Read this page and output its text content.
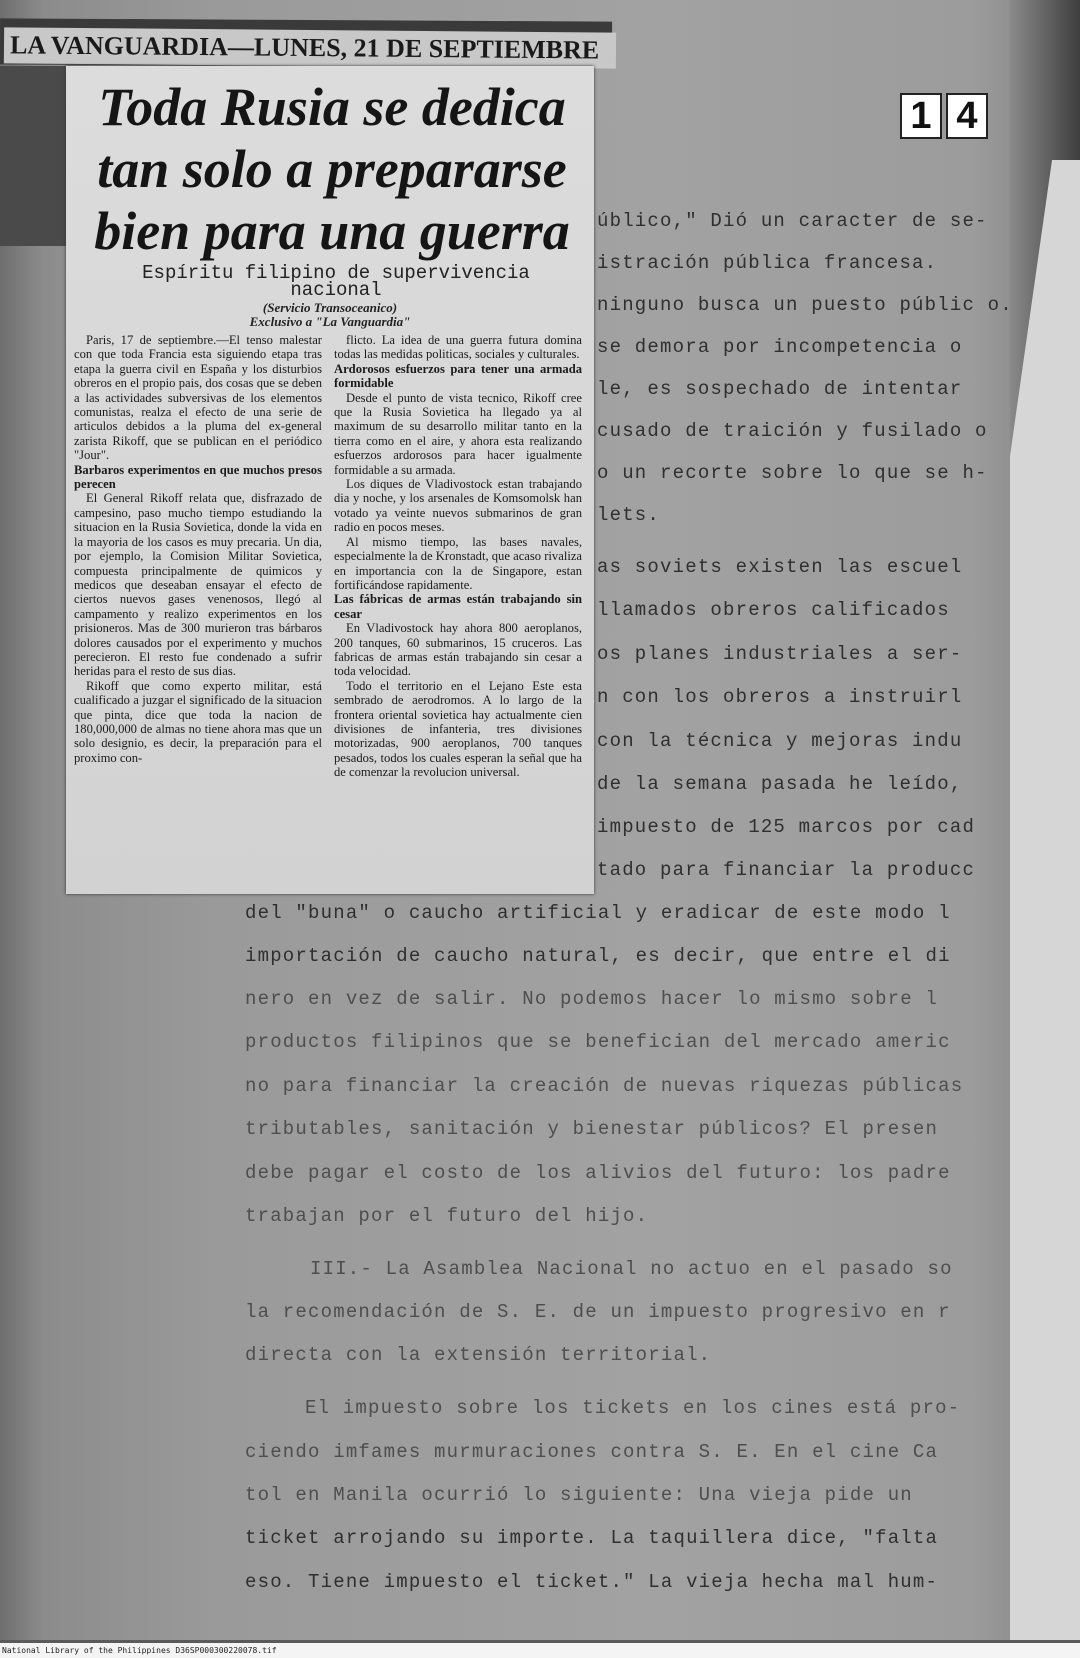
úblico," Dió un caracter de se-
istración pública francesa.
ninguno busca un puesto públic o.
se demora por incompetencia o
le, es sospechado de intentar
cusado de traición y fusilado o
o un recorte sobre lo que se h-
lets.
as soviets existen las escuel
llamados obreros calificados
os planes industriales a ser-
n con los obreros a instruirl
con la técnica y mejoras indu
de la semana pasada he leído,
impuesto de 125 marcos por cad
tado para financiar la producc
del "buna" o caucho artificial y eradicar de este modo l
importación de caucho natural, es decir, que entre el di
nero en vez de salir. No podemos hacer lo mismo sobre l
productos filipinos que se benefician del mercado americ
no para financiar la creación de nuevas riquezas públicas
tributables, sanitación y bienestar públicos? El presen
debe pagar el costo de los alivios del futuro: los padre
trabajan por el futuro del hijo.
III.- La Asamblea Nacional no actuo en el pasado so
la recomendación de S. E. de un impuesto progresivo en r
directa con la extensión territorial.
El impuesto sobre los tickets en los cines está pro-
ciendo imfames murmuraciones contra S. E. En el cine Ca
tol en Manila ocurrió lo siguiente: Una vieja pide un
ticket arrojando su importe. La taquillera dice, "falta
eso. Tiene impuesto el ticket." La vieja hecha mal hum-
1 4
LA VANGUARDIA—LUNES, 21 DE SEPTIEMBRE
Toda Rusia se dedica tan solo a prepararse bien para una guerra
Espíritu filipino de supervivencia nacional
(Servicio Transoceanico)
Exclusivo a "La Vanguardia"

Paris, 17 de septiembre.—El tenso malestar con que toda Francia esta siguiendo etapa tras etapa la guerra civil en España y los disturbios obreros en el propio pais, dos cosas que se deben a las actividades subversivas de los elementos comunistas, realza el efecto de una serie de articulos debidos a la pluma del ex-general zarista Rikoff, que se publican en el periódico "Jour".

Barbaros experimentos en que muchos presos perecen

El General Rikoff relata que, disfrazado de campesino, paso mucho tiempo estudiando la situacion en la Rusia Sovietica, donde la vida en la mayoria de los casos es muy precaria. Un dia, por ejemplo, la Comision Militar Sovietica, compuesta principalmente de quimicos y medicos que deseaban ensayar el efecto de ciertos nuevos gases venenosos, llegó al campamento y realizo experimentos en los prisioneros. Mas de 300 murieron tras bárbaros dolores causados por el experimento y muchos perecieron. El resto fue condenado a sufrir heridas para el resto de sus dias.

Rikoff que como experto militar, está cualificado a juzgar el significado de la situacion que pinta, dice que toda la nacion de 180,000,000 de almas no tiene ahora mas que un solo designio, es decir, la preparación para el proximo con-

flicto. La idea de una guerra futura domina todas las medidas politicas, sociales y culturales.

Ardorosos esfuerzos para tener una armada formidable

Desde el punto de vista tecnico, Rikoff cree que la Rusia Sovietica ha llegado ya al maximum de su desarrollo militar tanto en la tierra como en el aire, y ahora esta realizando esfuerzos ardorosos para hacer igualmente formidable a su armada.

Los diques de Vladivostock estan trabajando dia y noche, y los arsenales de Komsomolsk han votado ya veinte nuevos submarinos de gran radio en pocos meses.

Al mismo tiempo, las bases navales, especialmente la de Kronstadt, que acaso rivaliza en importancia con la de Singapore, estan fortificándose rapidamente.

Las fábricas de armas están trabajando sin cesar

En Vladivostock hay ahora 800 aeroplanos, 200 tanques, 60 submarinos, 15 cruceros. Las fabricas de armas están trabajando sin cesar a toda velocidad.

Todo el territorio en el Lejano Este esta sembrado de aerodromos. A lo largo de la frontera oriental sovietica hay actualmente cien divisiones de infanteria, tres divisiones motorizadas, 900 aeroplanos, 700 tanques pesados, todos los cuales esperan la señal que ha de comenzar la revolucion universal.

National Library of the Philippines D36SP000300220078.tif
